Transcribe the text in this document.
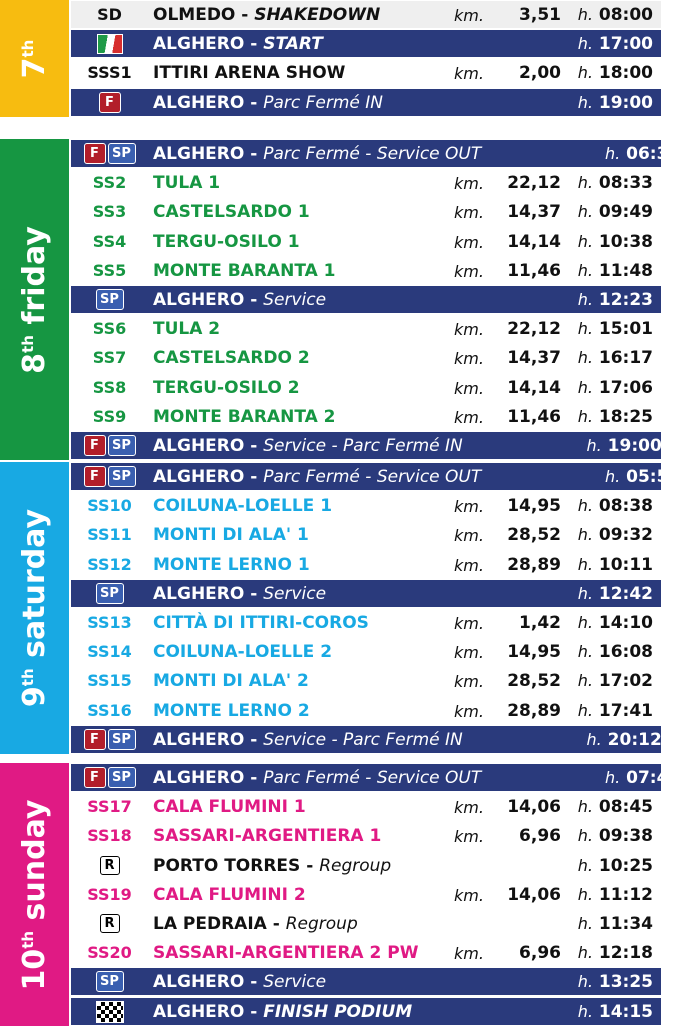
7th
SD OLMEDO - SHAKEDOWN	km. 3,51	h. 08:00
ALGHERO - START	h. 17:00
SSS1 ITTIRI ARENA SHOW	km. 2,00	h. 18:00
F	ALGHERO - Parc Fermé IN	h. 19:00
8th friday
F	SP ALGHERO - Parc Fermé - Service OUT	h. 06:30
SS2 TULA 1	km. 22,12	h. 08:33
SS3 CASTELSARDO 1	km. 14,37	h. 09:49
SS4 TERGU-OSILO 1	km. 14,14	h. 10:38
SS5 MONTE BARANTA 1	km. 11,46	h. 11:48
SP ALGHERO - Service	h. 12:23
SS6 TULA 2	km. 22,12	h. 15:01
SS7 CASTELSARDO 2	km. 14,37	h. 16:17
SS8 TERGU-OSILO 2	km. 14,14	h. 17:06
SS9 MONTE BARANTA 2	km. 11,46	h. 18:25
F	SP ALGHERO - Service - Parc Fermé IN	h. 19:00
9th saturday
F	SP ALGHERO - Parc Fermé - Service OUT	h. 05:50
SS10 COILUNA-LOELLE 1	km. 14,95	h. 08:38
SS11 MONTI DI ALA' 1	km. 28,52	h. 09:32
SS12 MONTE LERNO 1	km. 28,89	h. 10:11
SP ALGHERO - Service	h. 12:42
SS13 CITTÀ DI ITTIRI-COROS	km. 1,42	h. 14:10
SS14 COILUNA-LOELLE 2	km. 14,95	h. 16:08
SS15 MONTI DI ALA' 2	km. 28,52	h. 17:02
SS16 MONTE LERNO 2	km. 28,89	h. 17:41
F	SP ALGHERO - Service - Parc Fermé IN	h. 20:12
10th sunday
F	SP ALGHERO - Parc Fermé - Service OUT	h. 07:45
SS17 CALA FLUMINI 1	km. 14,06	h. 08:45
SS18 SASSARI-ARGENTIERA 1	km. 6,96	h. 09:38
R PORTO TORRES - Regroup	h. 10:25
SS19 CALA FLUMINI 2	km. 14,06	h. 11:12
R LA PEDRAIA - Regroup	h. 11:34
SS20 SASSARI-ARGENTIERA 2 PW	km. 6,96	h. 12:18
SP ALGHERO - Service	h. 13:25
ALGHERO - FINISH PODIUM	h. 14:15
